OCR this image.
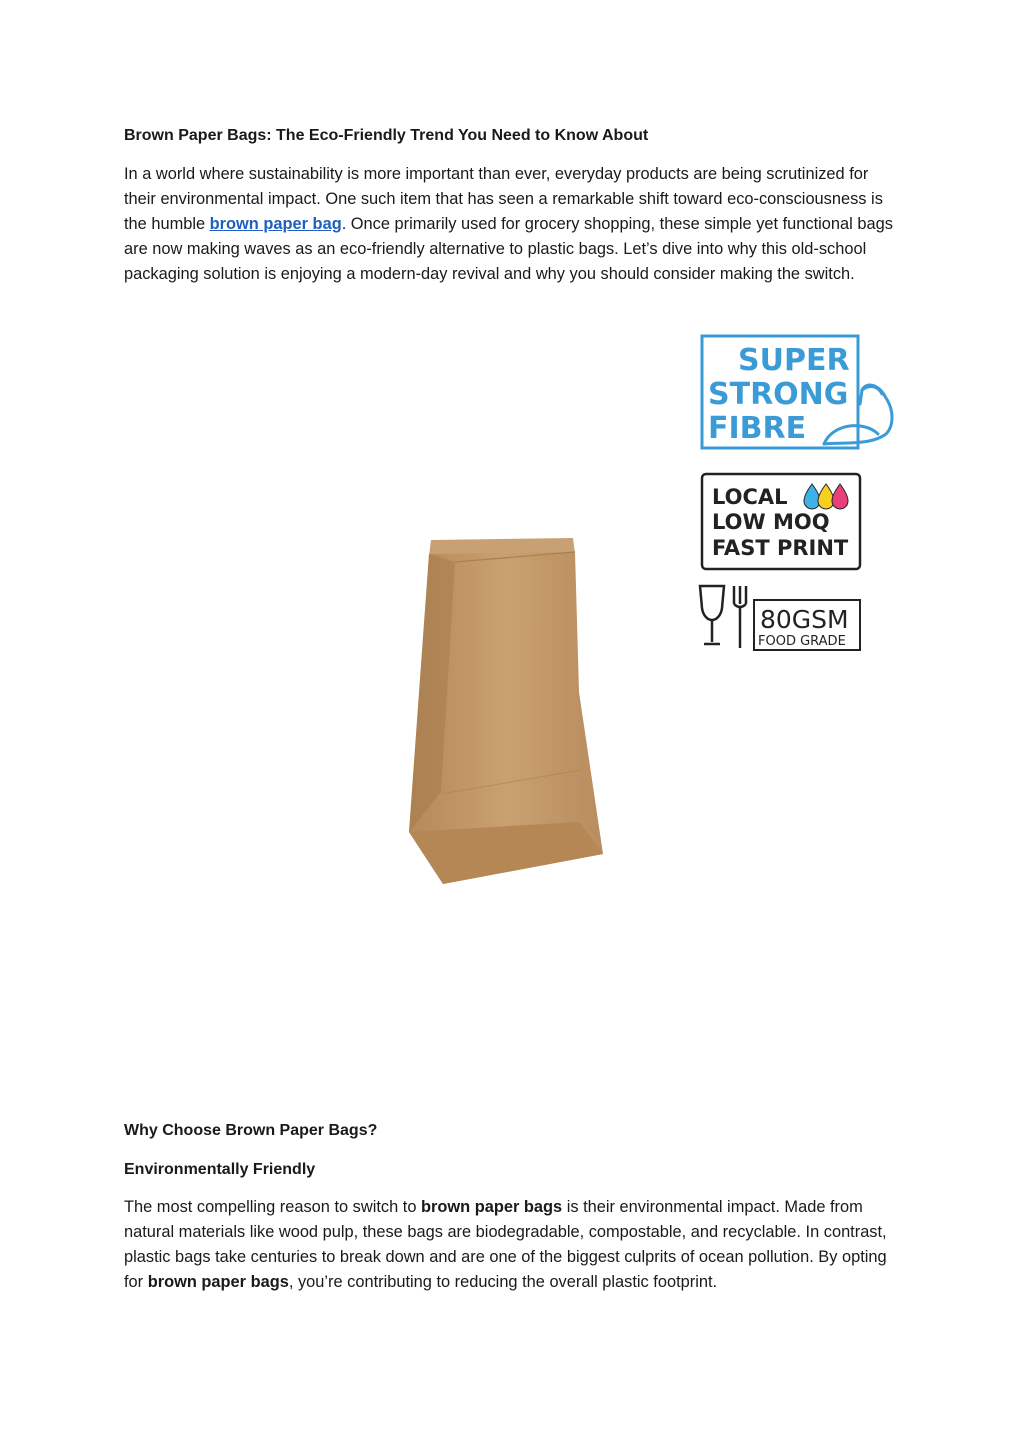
Brown Paper Bags: The Eco-Friendly Trend You Need to Know About

In a world where sustainability is more important than ever, everyday products are being scrutinized for their environmental impact. One such item that has seen a remarkable shift toward eco-consciousness is the humble brown paper bag. Once primarily used for grocery shopping, these simple yet functional bags are now making waves as an eco-friendly alternative to plastic bags. Let’s dive into why this old-school packaging solution is enjoying a modern-day revival and why you should consider making the switch.

SUPER
STRONG
FIBRE
LOCAL
LOW MOQ
FAST PRINT
80GSM
FOOD GRADE
Why Choose Brown Paper Bags?
Environmentally Friendly

The most compelling reason to switch to brown paper bags is their environmental impact. Made from natural materials like wood pulp, these bags are biodegradable, compostable, and recyclable. In contrast, plastic bags take centuries to break down and are one of the biggest culprits of ocean pollution. By opting for brown paper bags, you’re contributing to reducing the overall plastic footprint.
